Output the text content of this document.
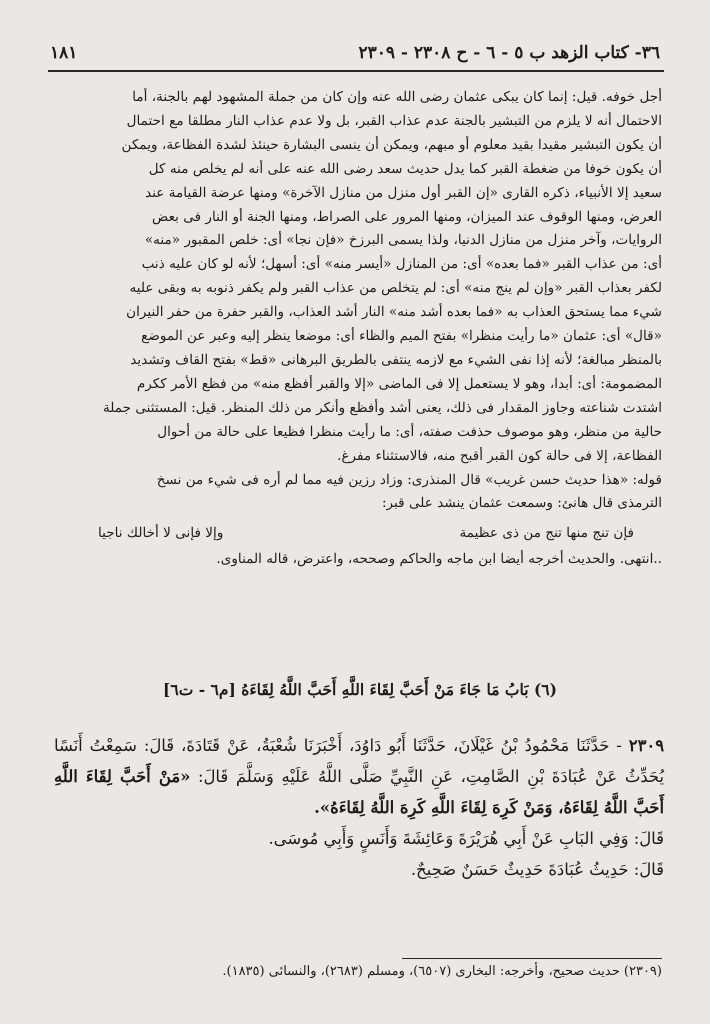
٣٦- كتاب الزهد ب ٥ - ٦ - ح ٢٣٠٨ - ٢٣٠٩
١٨١

أجل خوفه. قيل: إنما كان يبكى عثمان رضى الله عنه وإن كان من جملة المشهود لهم بالجنة، أما

الاحتمال أنه لا يلزم من التبشير بالجنة عدم عذاب القبر، بل ولا عدم عذاب النار مطلقا مع احتمال

أن يكون التبشير مقيدا بقيد معلوم أو مبهم، ويمكن أن ينسى البشارة حينئذ لشدة الفظاعة، ويمكن

أن يكون خوفا من ضغطة القبر كما يدل حديث سعد رضى الله عنه على أنه لم يخلص منه كل

سعيد إلا الأنبياء، ذكره القارى «إن القبر أول منزل من منازل الآخرة» ومنها عرضة القيامة عند

العرض، ومنها الوقوف عند الميزان، ومنها المرور على الصراط، ومنها الجنة أو النار فى بعض

الروايات، وآخر منزل من منازل الدنيا، ولذا يسمى البرزخ «فإن نجا» أى: خلص المقبور «منه»

أى: من عذاب القبر «فما بعده» أى: من المنازل «أيسر منه» أى: أسهل؛ لأنه لو كان عليه ذنب

لكفر بعذاب القبر «وإن لم ينج منه» أى: لم يتخلص من عذاب القبر ولم يكفر ذنوبه به وبقى عليه

شيء مما يستحق العذاب به «فما بعده أشد منه» النار أشد العذاب، والقبر حفرة من حفر النيران

«قال» أى: عثمان «ما رأيت منظرا» بفتح الميم والظاء أى: موضعا ينظر إليه وعبر عن الموضع

بالمنظر مبالغة؛ لأنه إذا نفى الشيء مع لازمه ينتفى بالطريق البرهانى «قط» بفتح القاف وتشديد

المضمومة: أى: أبدا، وهو لا يستعمل إلا فى الماضى «إلا والقبر أفظع منه» من فظع الأمر ككرم

اشتدت شناعته وجاوز المقدار فى ذلك، يعنى أشد وأفظع وأنكر من ذلك المنظر. قيل: المستثنى جملة

حالية من منظر، وهو موصوف حذفت صفته، أى: ما رأيت منظرا فظيعا على حالة من أحوال

الفظاعة، إلا فى حالة كون القبر أقبح منه، فالاستثناء مفرغ.

قوله: «هذا حديث حسن غريب» قال المنذرى: وزاد رزين فيه مما لم أره فى شيء من نسخ

الترمذى قال هانئ: وسمعت عثمان ينشد على قبر:

فإن تنج منها تنج من ذى عظيمة
وإلا فإنى لا أخالك ناجيا

..انتهى. والحديث أخرجه أيضا ابن ماجه والحاكم وصححه، واعترض، قاله المناوى.

(٦) بَابُ مَا جَاءَ مَنْ أَحَبَّ لِقَاءَ اللَّهِ أَحَبَّ اللَّهُ لِقَاءَهُ [م٦ - ت٦]

٢٣٠٩ - حَدَّثَنَا مَحْمُودُ بْنُ غَيْلَانَ، حَدَّثَنَا أَبُو دَاوُدَ، أَخْبَرَنَا شُعْبَةُ، عَنْ قَتَادَةَ، قَالَ: سَمِعْتُ أَنَسًا يُحَدِّثُ عَنْ عُبَادَةَ بْنِ الصَّامِتِ، عَنِ النَّبِيِّ صَلَّى اللَّهُ عَلَيْهِ وَسَلَّمَ قَالَ: «مَنْ أَحَبَّ لِقَاءَ اللَّهِ أَحَبَّ اللَّهُ لِقَاءَهُ، وَمَنْ كَرِهَ لِقَاءَ اللَّهِ كَرِهَ اللَّهُ لِقَاءَهُ».

قَالَ: وَفِي البَابِ عَنْ أَبِي هُرَيْرَةَ وَعَائِشَةَ وَأَنَسٍ وَأَبِي مُوسَى.

قَالَ: حَدِيثُ عُبَادَةَ حَدِيثٌ حَسَنٌ صَحِيحٌ.

(٢٣٠٩) حديث صحيح، وأخرجه: البخارى (٦٥٠٧)، ومسلم (٢٦٨٣)، والنسائى (١٨٣٥).
